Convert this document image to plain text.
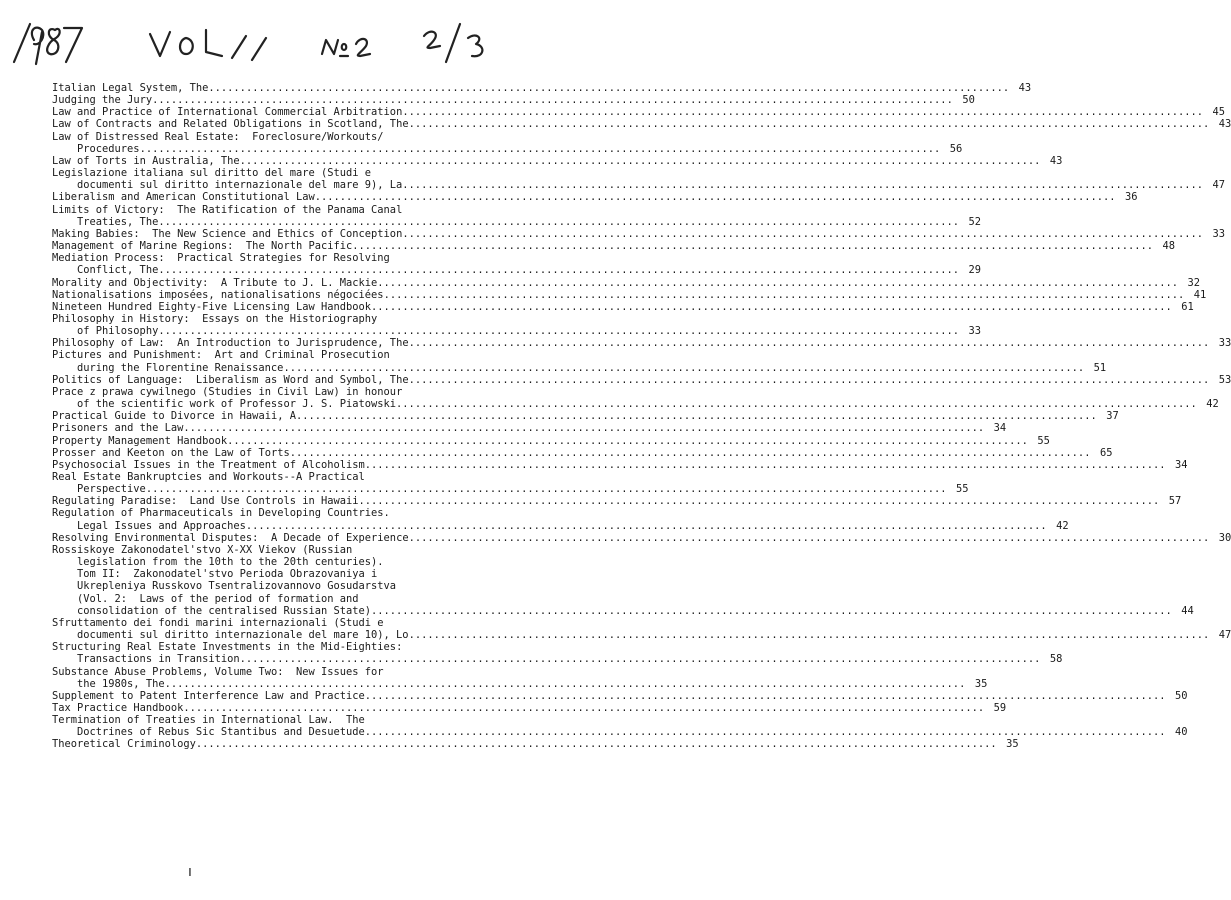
Italian Legal System, The .....	43
Judging the Jury .....	50
Law and Practice of International Commercial Arbitration .....	45
Law of Contracts and Related Obligations in Scotland, The .....	43
Law of Distressed Real Estate:  Foreclosure/Workouts/
Procedures .....	56
Law of Torts in Australia, The .....	43
Legislazione italiana sul diritto del mare (Studi e
documenti sul diritto internazionale del mare 9), La .....	47
Liberalism and American Constitutional Law .....	36
Limits of Victory:  The Ratification of the Panama Canal
Treaties, The .....	52
Making Babies:  The New Science and Ethics of Conception .....	33
Management of Marine Regions:  The North Pacific .....	48
Mediation Process:  Practical Strategies for Resolving
Conflict, The .....	29
Morality and Objectivity:  A Tribute to J. L. Mackie .....	32
Nationalisations imposées, nationalisations négociées .....	41
Nineteen Hundred Eighty-Five Licensing Law Handbook .....	61
Philosophy in History:  Essays on the Historiography
of Philosophy .....	33
Philosophy of Law:  An Introduction to Jurisprudence, The .....	33
Pictures and Punishment:  Art and Criminal Prosecution
during the Florentine Renaissance .....	51
Politics of Language:  Liberalism as Word and Symbol, The .....	53
Prace z prawa cywilnego (Studies in Civil Law) in honour
of the scientific work of Professor J. S. Piatowski .....	42
Practical Guide to Divorce in Hawaii, A .....	37
Prisoners and the Law .....	34
Property Management Handbook .....	55
Prosser and Keeton on the Law of Torts .....	65
Psychosocial Issues in the Treatment of Alcoholism .....	34
Real Estate Bankruptcies and Workouts--A Practical
Perspective .....	55
Regulating Paradise:  Land Use Controls in Hawaii .....	57
Regulation of Pharmaceuticals in Developing Countries.
Legal Issues and Approaches .....	42
Resolving Environmental Disputes:  A Decade of Experience .....	30
Rossiskoye Zakonodatel'stvo X-XX Viekov (Russian
legislation from the 10th to the 20th centuries).
Tom II:  Zakonodatel'stvo Perioda Obrazovaniya i
Ukrepleniya Russkovo Tsentralizovannovo Gosudarstva
(Vol. 2:  Laws of the period of formation and
consolidation of the centralised Russian State) .....	44
Sfruttamento dei fondi marini internazionali (Studi e
documenti sul diritto internazionale del mare 10), Lo .....	47
Structuring Real Estate Investments in the Mid-Eighties:
Transactions in Transition .....	58
Substance Abuse Problems, Volume Two:  New Issues for
the 1980s, The .....	35
Supplement to Patent Interference Law and Practice .....	50
Tax Practice Handbook .....	59
Termination of Treaties in International Law.  The
Doctrines of Rebus Sic Stantibus and Desuetude .....	40
Theoretical Criminology .....	35
ı
